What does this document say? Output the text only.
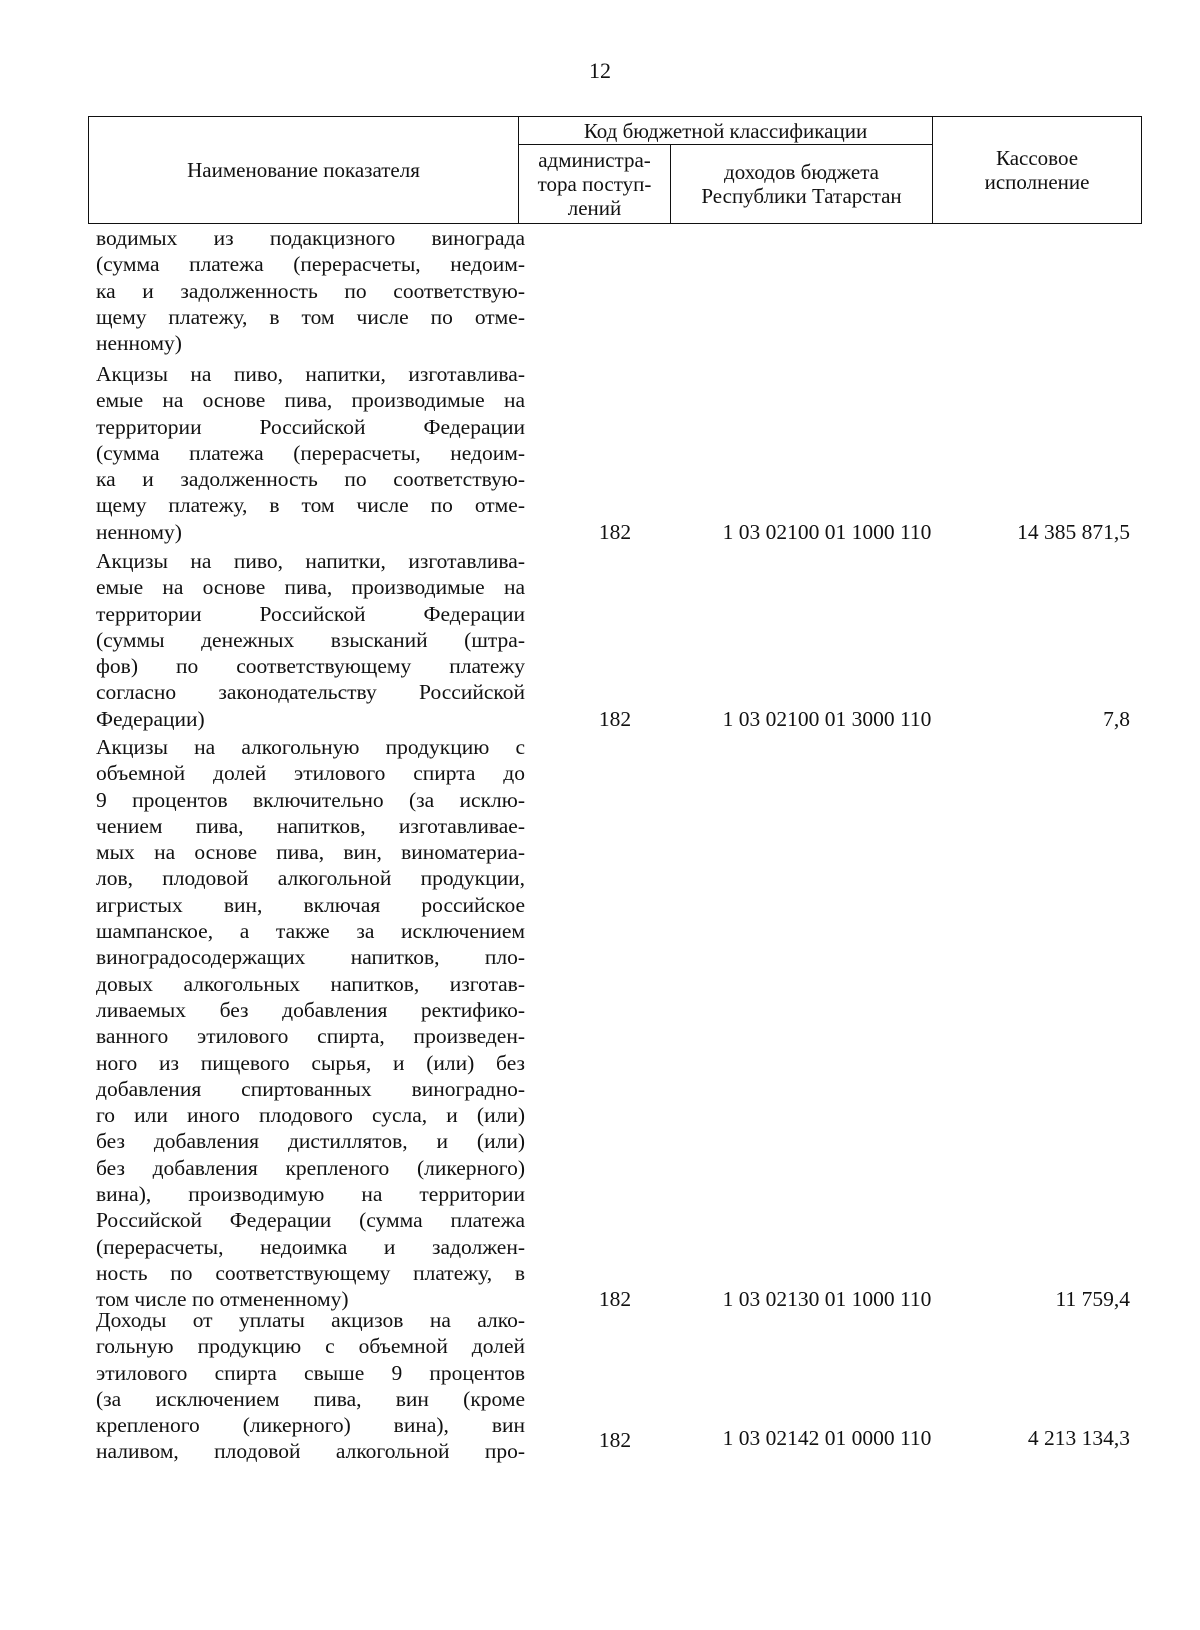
12
Наименование показателя	Код бюджетной классификации		Кассовое
исполнение
	администра-
тора поступ-
лений	доходов бюджета
Республики Татарстан	
водимых из подакцизного винограда
(сумма платежа (перерасчеты, недоим-
ка и задолженность по соответствую-
щему платежу, в том числе по отме-
ненному)
Акцизы на пиво, напитки, изготавлива-
емые на основе пива, производимые на
территории Российской Федерации
(сумма платежа (перерасчеты, недоим-
ка и задолженность по соответствую-
щему платежу, в том числе по отме-
ненному)	182	1 03 02100 01 1000 110	14 385 871,5
Акцизы на пиво, напитки, изготавлива-
емые на основе пива, производимые на
территории Российской Федерации
(суммы денежных взысканий (штра-
фов) по соответствующему платежу
согласно законодательству Российской
Федерации)	182	1 03 02100 01 3000 110	7,8
Акцизы на алкогольную продукцию с
объемной долей этилового спирта до
9 процентов включительно (за исклю-
чением пива, напитков, изготавливае-
мых на основе пива, вин, виноматериа-
лов, плодовой алкогольной продукции,
игристых вин, включая российское
шампанское, а также за исключением
виноградосодержащих напитков, пло-
довых алкогольных напитков, изготав-
ливаемых без добавления ректифико-
ванного этилового спирта, произведен-
ного из пищевого сырья, и (или) без
добавления спиртованных виноградно-
го или иного плодового сусла, и (или)
без добавления дистиллятов, и (или)
без добавления крепленого (ликерного)
вина), производимую на территории
Российской Федерации (сумма платежа
(перерасчеты, недоимка и задолжен-
ность по соответствующему платежу, в
том числе по отмененному)	182	1 03 02130 01 1000 110	11 759,4
Доходы от уплаты акцизов на алко-
гольную продукцию с объемной долей
этилового спирта свыше 9 процентов
(за исключением пива, вин (кроме
крепленого (ликерного) вина), вин
наливом, плодовой алкогольной про-	182	1 03 02142 01 0000 110	4 213 134,3
